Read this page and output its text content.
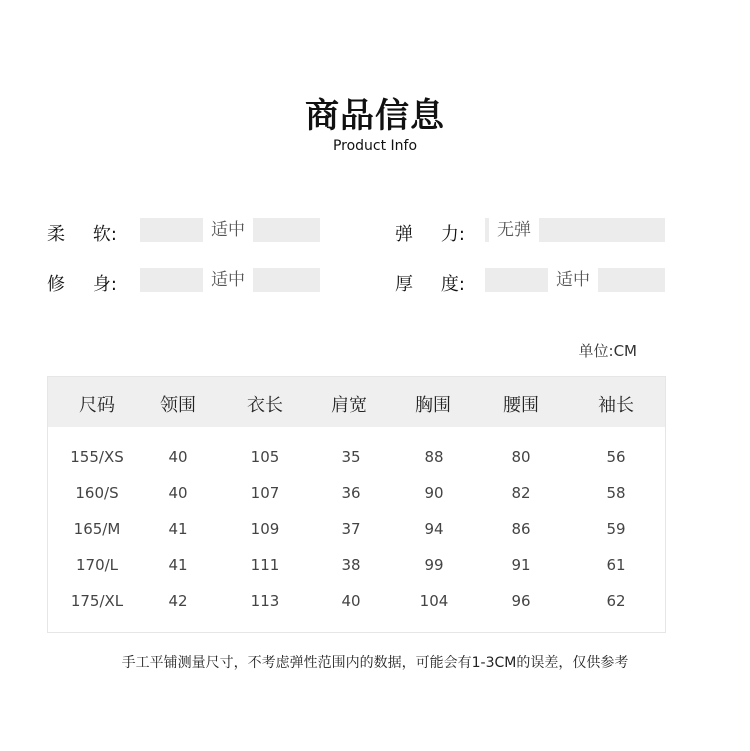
商品信息
Product Info
柔 软:	适中	弹 力:	无弹
修 身:	适中	厚 度:	适中
单位:CM
尺码	领围	衣长	肩宽	胸围	腰围	袖长
155/XS	40	105	35	88	80	56
160/S	40	107	36	90	82	58
165/M	41	109	37	94	86	59
170/L	41	111	38	99	91	61
175/XL	42	113	40	104	96	62
手工平铺测量尺寸，不考虑弹性范围内的数据，可能会有1-3CM的误差，仅供参考
